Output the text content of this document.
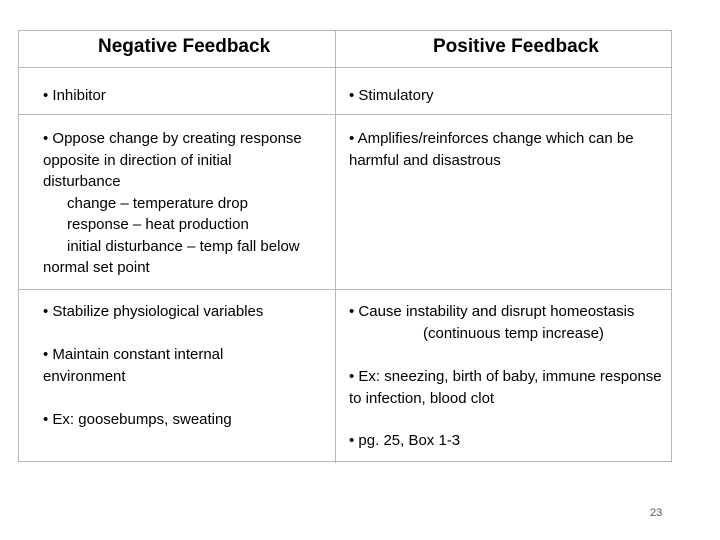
Negative Feedback	Positive Feedback
• Inhibitor	• Stimulatory
• Oppose change by creating response
opposite in direction of initial
disturbance
change – temperature drop
response – heat production
initial disturbance – temp fall below
normal set point
• Amplifies/reinforces change which can be
harmful and disastrous
• Stabilize physiological variables
• Maintain constant internal
environment
• Ex: goosebumps, sweating
• Cause instability and disrupt homeostasis
(continuous temp increase)
• Ex: sneezing, birth of baby, immune response
to infection, blood clot
• pg. 25, Box 1-3
23
